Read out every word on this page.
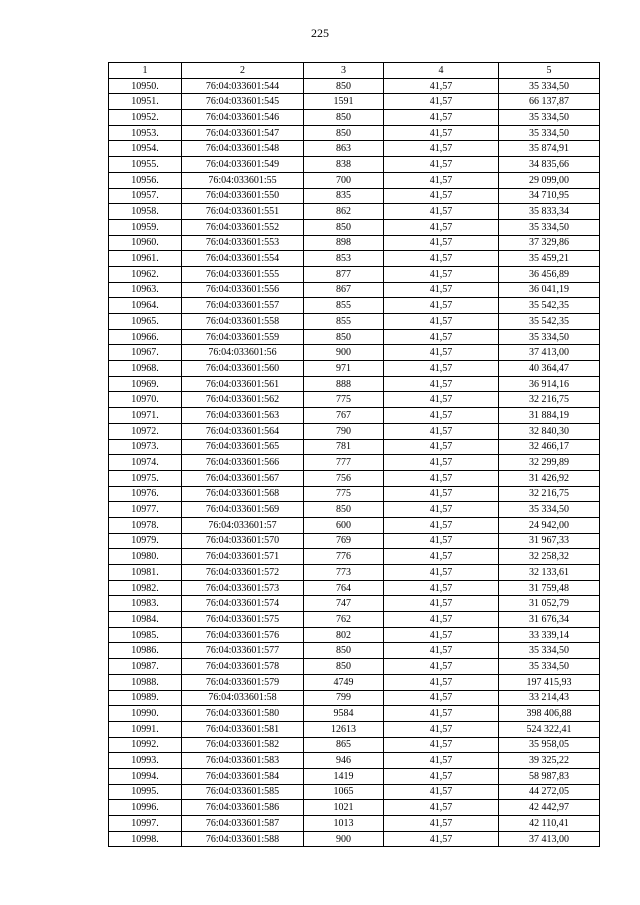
225
1	2	3	4	5
10950.	76:04:033601:544	850	41,57	35 334,50
10951.	76:04:033601:545	1591	41,57	66 137,87
10952.	76:04:033601:546	850	41,57	35 334,50
10953.	76:04:033601:547	850	41,57	35 334,50
10954.	76:04:033601:548	863	41,57	35 874,91
10955.	76:04:033601:549	838	41,57	34 835,66
10956.	76:04:033601:55	700	41,57	29 099,00
10957.	76:04:033601:550	835	41,57	34 710,95
10958.	76:04:033601:551	862	41,57	35 833,34
10959.	76:04:033601:552	850	41,57	35 334,50
10960.	76:04:033601:553	898	41,57	37 329,86
10961.	76:04:033601:554	853	41,57	35 459,21
10962.	76:04:033601:555	877	41,57	36 456,89
10963.	76:04:033601:556	867	41,57	36 041,19
10964.	76:04:033601:557	855	41,57	35 542,35
10965.	76:04:033601:558	855	41,57	35 542,35
10966.	76:04:033601:559	850	41,57	35 334,50
10967.	76:04:033601:56	900	41,57	37 413,00
10968.	76:04:033601:560	971	41,57	40 364,47
10969.	76:04:033601:561	888	41,57	36 914,16
10970.	76:04:033601:562	775	41,57	32 216,75
10971.	76:04:033601:563	767	41,57	31 884,19
10972.	76:04:033601:564	790	41,57	32 840,30
10973.	76:04:033601:565	781	41,57	32 466,17
10974.	76:04:033601:566	777	41,57	32 299,89
10975.	76:04:033601:567	756	41,57	31 426,92
10976.	76:04:033601:568	775	41,57	32 216,75
10977.	76:04:033601:569	850	41,57	35 334,50
10978.	76:04:033601:57	600	41,57	24 942,00
10979.	76:04:033601:570	769	41,57	31 967,33
10980.	76:04:033601:571	776	41,57	32 258,32
10981.	76:04:033601:572	773	41,57	32 133,61
10982.	76:04:033601:573	764	41,57	31 759,48
10983.	76:04:033601:574	747	41,57	31 052,79
10984.	76:04:033601:575	762	41,57	31 676,34
10985.	76:04:033601:576	802	41,57	33 339,14
10986.	76:04:033601:577	850	41,57	35 334,50
10987.	76:04:033601:578	850	41,57	35 334,50
10988.	76:04:033601:579	4749	41,57	197 415,93
10989.	76:04:033601:58	799	41,57	33 214,43
10990.	76:04:033601:580	9584	41,57	398 406,88
10991.	76:04:033601:581	12613	41,57	524 322,41
10992.	76:04:033601:582	865	41,57	35 958,05
10993.	76:04:033601:583	946	41,57	39 325,22
10994.	76:04:033601:584	1419	41,57	58 987,83
10995.	76:04:033601:585	1065	41,57	44 272,05
10996.	76:04:033601:586	1021	41,57	42 442,97
10997.	76:04:033601:587	1013	41,57	42 110,41
10998.	76:04:033601:588	900	41,57	37 413,00
